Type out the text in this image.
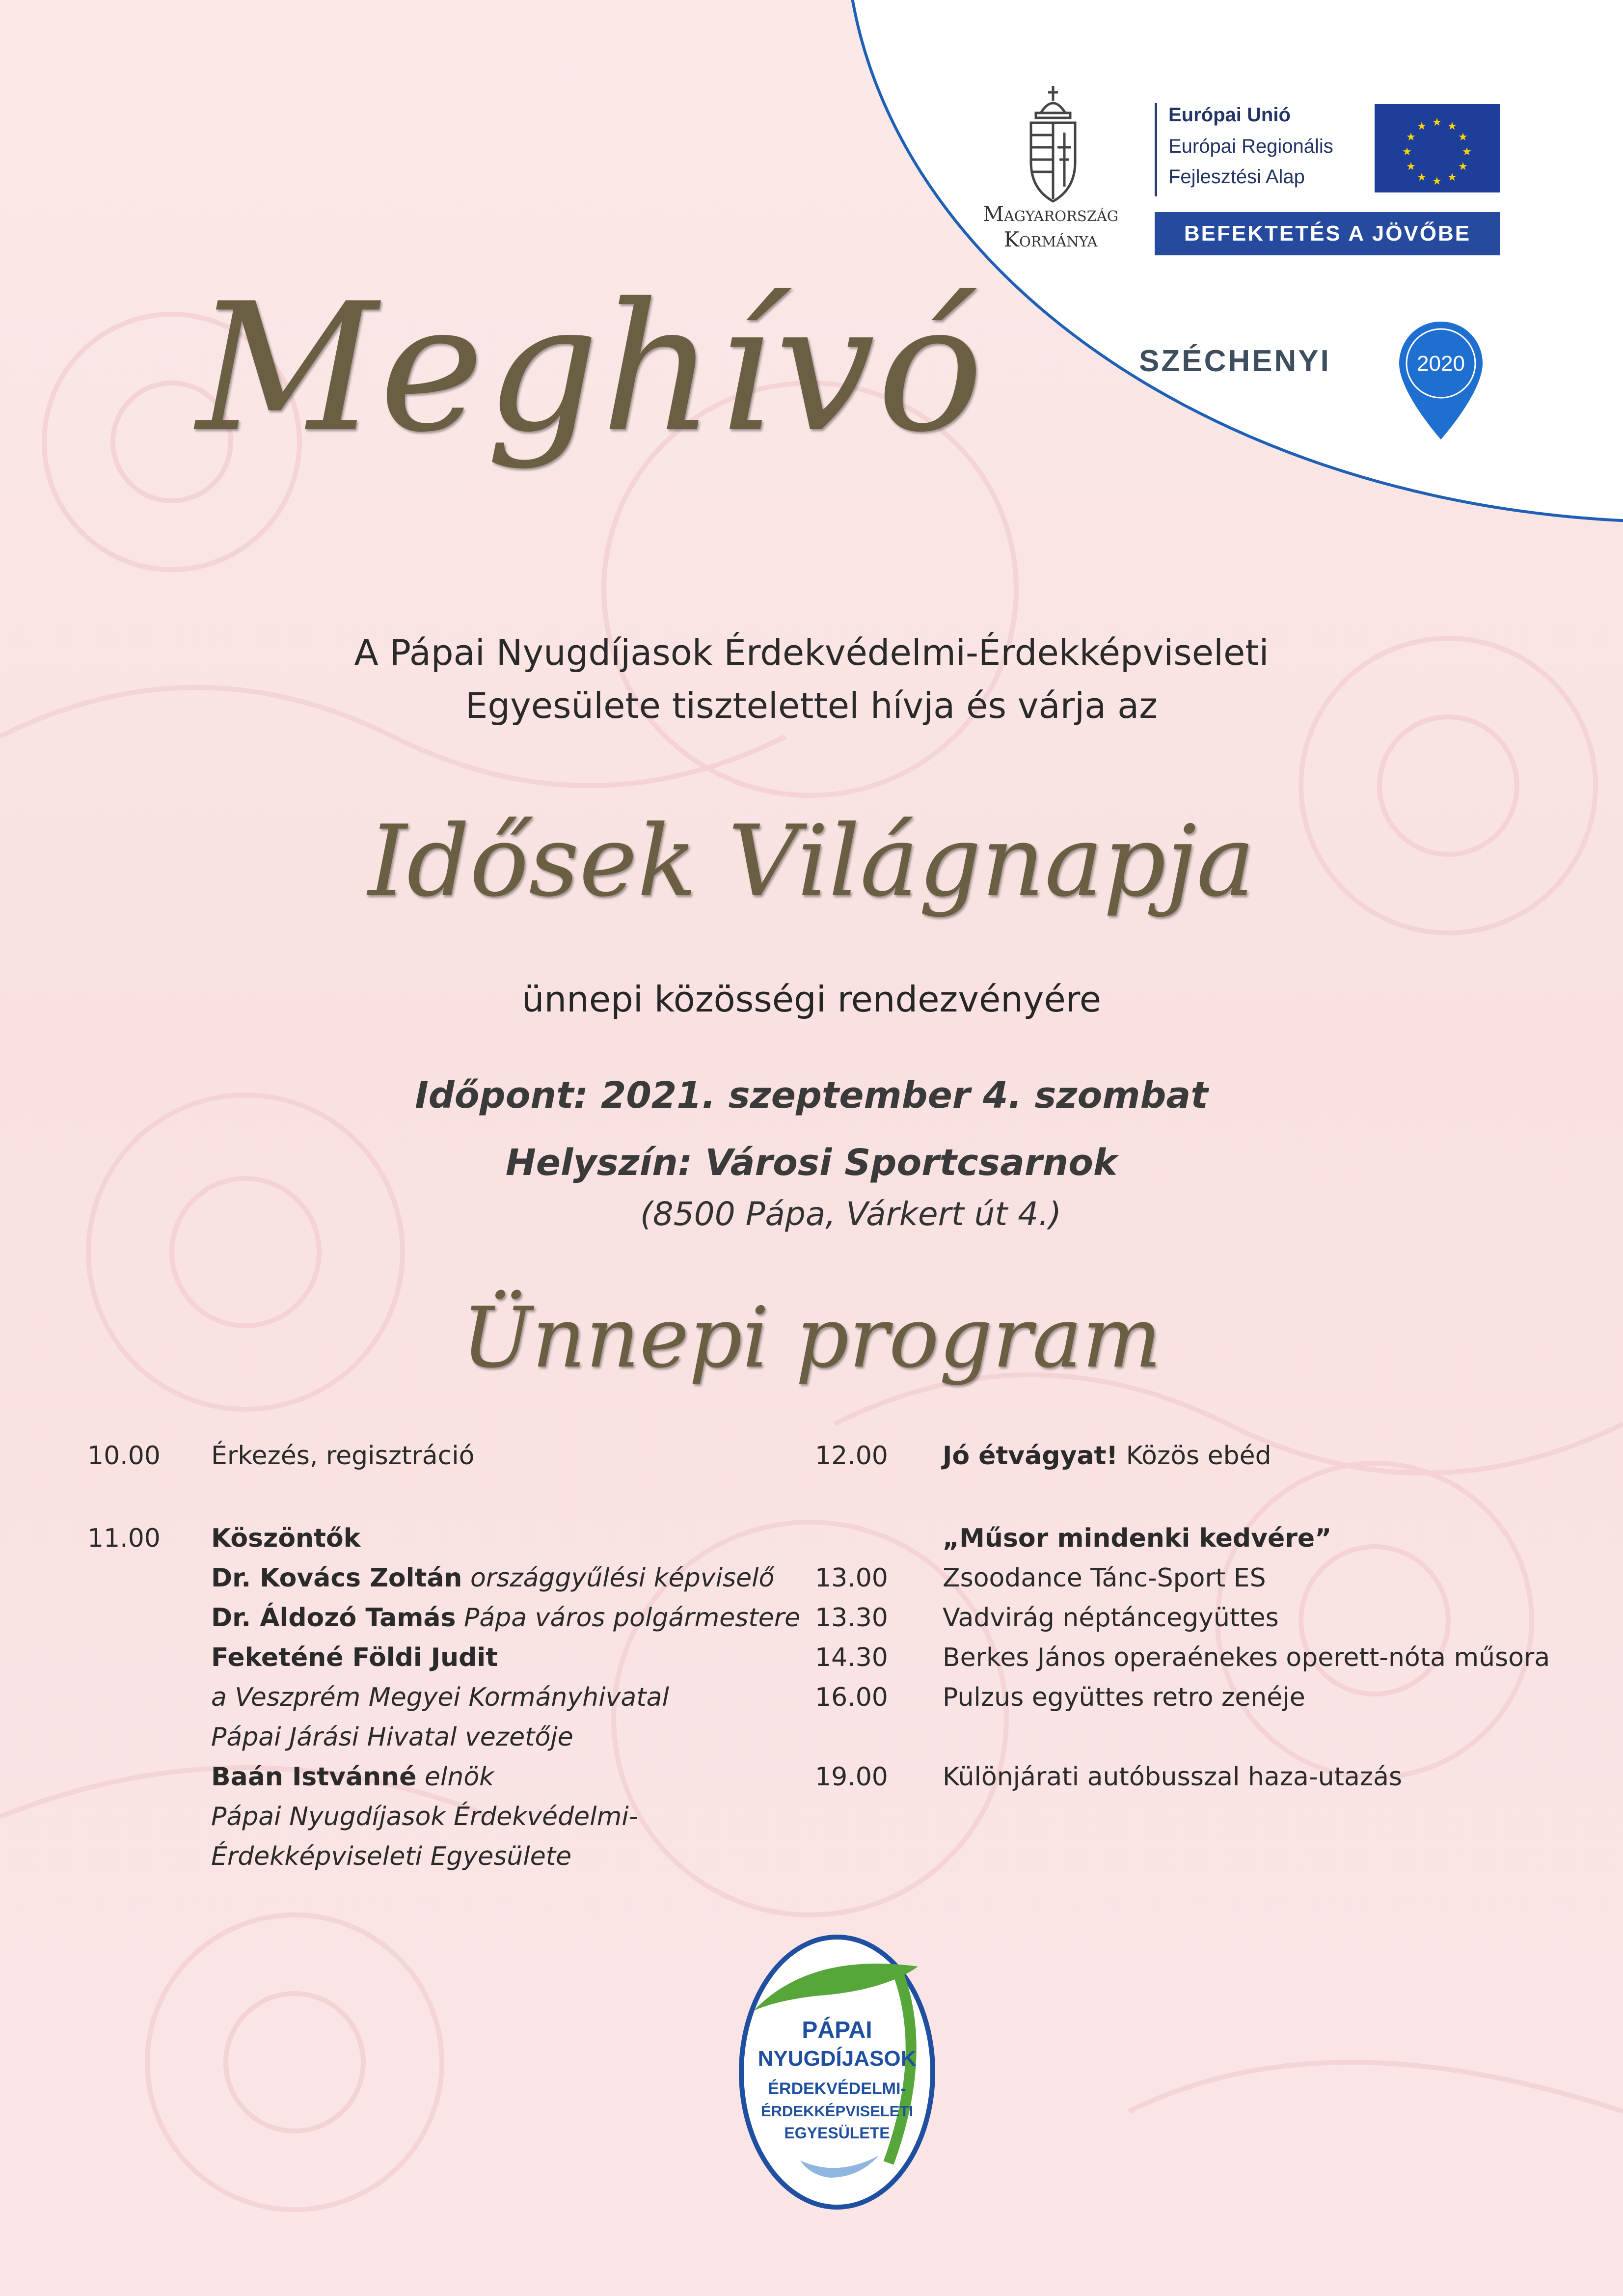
Magyarország
Kormánya
Európai Unió
Európai Regionális
Fejlesztési Alap
★ ★
★
★
★
★
★
★
★
★
★
★
BEFEKTETÉS A JÖVŐBE
SZÉCHENYI	2020
Meghívó
A Pápai Nyugdíjasok Érdekvédelmi-Érdekképviseleti
Egyesülete tisztelettel hívja és várja az
Idősek Világnapja
ünnepi közösségi rendezvényére
Időpont: 2021. szeptember 4. szombat
Helyszín: Városi Sportcsarnok
(8500 Pápa, Várkert út 4.)
Ünnepi program
10.00 Érkezés, regisztráció
11.00 Köszöntők
Dr. Kovács Zoltán országgyűlési képviselő
Dr. Áldozó Tamás Pápa város polgármestere
Feketéné Földi Judit
a Veszprém Megyei Kormányhivatal
Pápai Járási Hivatal vezetője
Baán Istvánné elnök
Pápai Nyugdíjasok Érdekvédelmi-
Érdekképviseleti Egyesülete
12.00 Jó étvágyat! Közös ebéd
„Műsor mindenki kedvére”
13.00 Zsoodance Tánc-Sport ES
13.30 Vadvirág néptáncegyüttes
14.30 Berkes János operaénekes operett-nóta műsora
16.00 Pulzus együttes retro zenéje
19.00 Különjárati autóbusszal haza-utazás
PÁPAI
NYUGDÍJASOK
ÉRDEKVÉDELMI-
ÉRDEKKÉPVISELETI
EGYESÜLETE
